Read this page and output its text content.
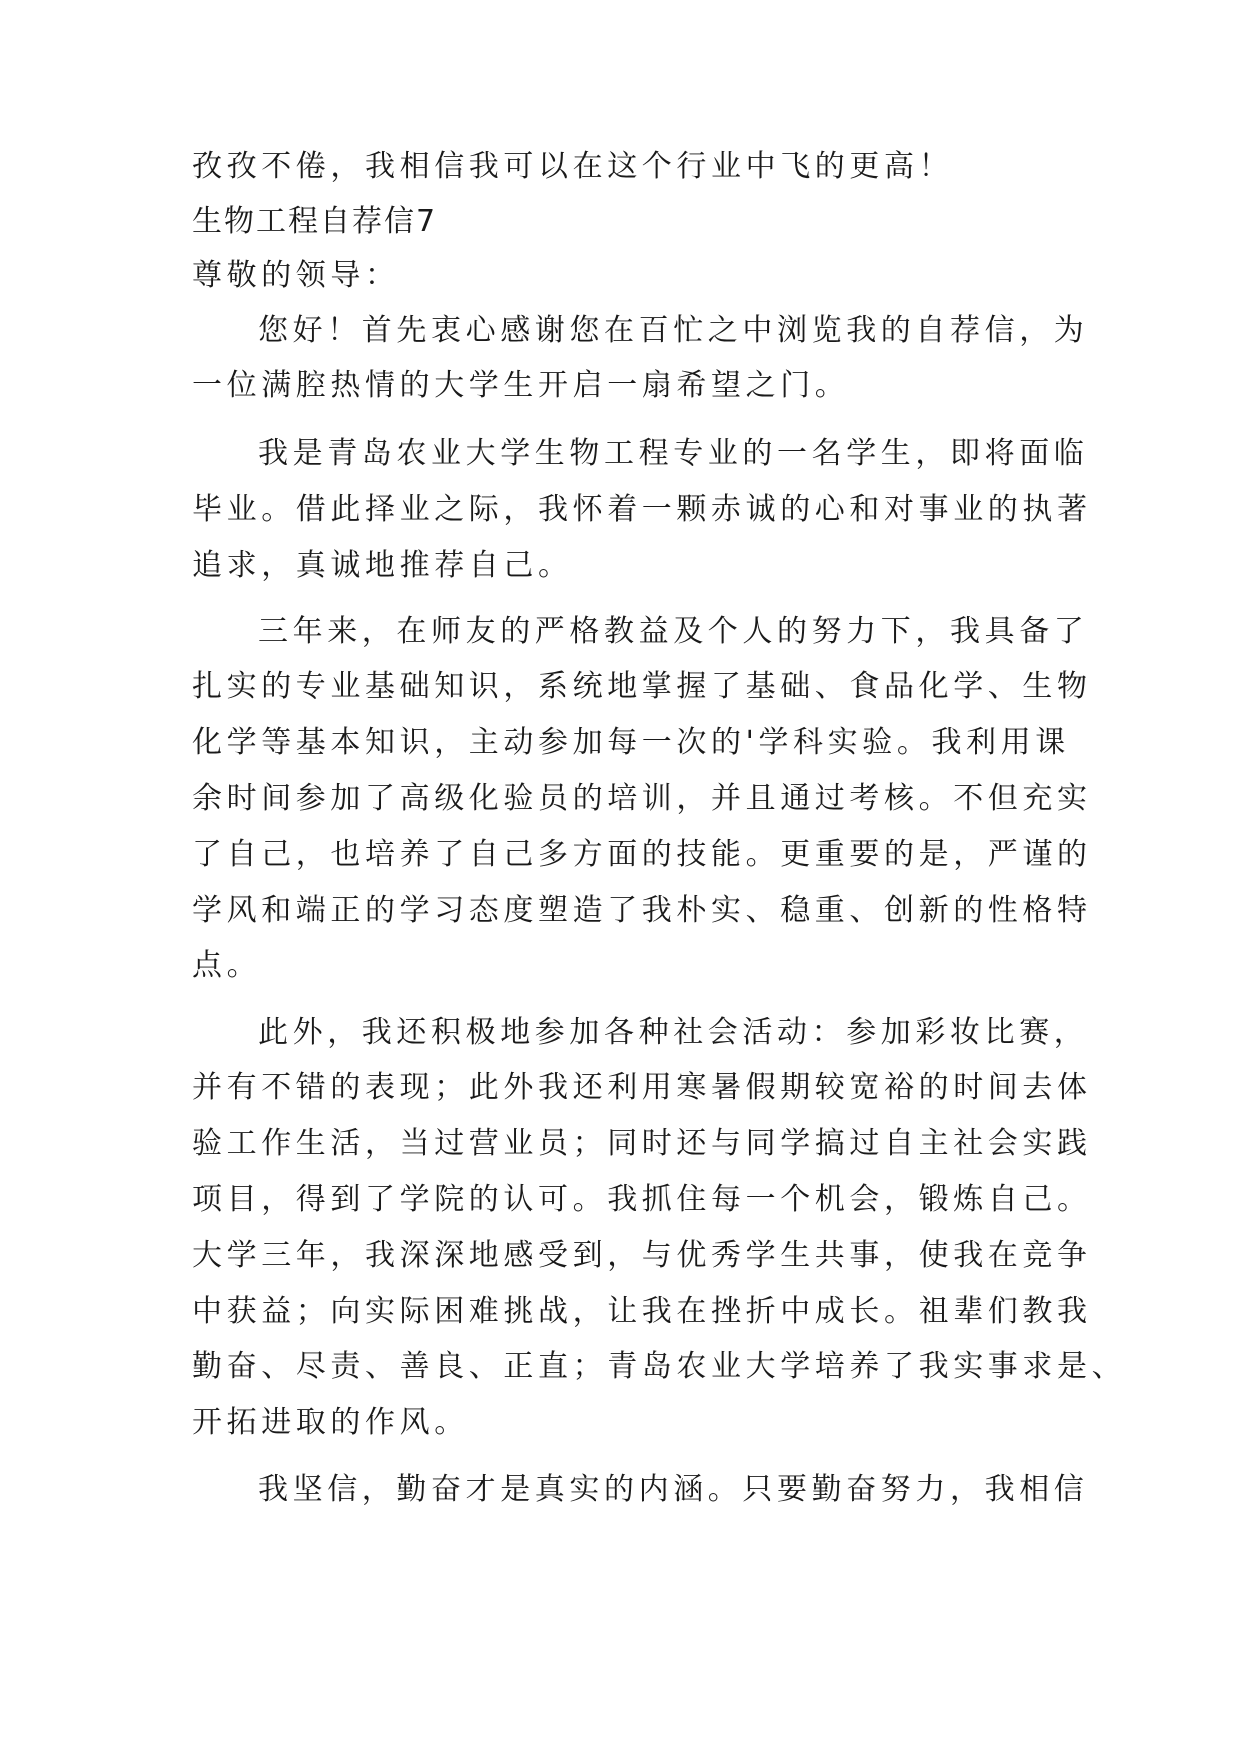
孜孜不倦，我相信我可以在这个行业中飞的更高！
生物工程自荐信7
尊敬的领导：
您好！首先衷心感谢您在百忙之中浏览我的自荐信，为
一位满腔热情的大学生开启一扇希望之门。
我是青岛农业大学生物工程专业的一名学生，即将面临
毕业。借此择业之际，我怀着一颗赤诚的心和对事业的执著
追求，真诚地推荐自己。
三年来，在师友的严格教益及个人的努力下，我具备了
扎实的专业基础知识，系统地掌握了基础、食品化学、生物
化学等基本知识，主动参加每一次的'学科实验。我利用课
余时间参加了高级化验员的培训，并且通过考核。不但充实
了自己，也培养了自己多方面的技能。更重要的是，严谨的
学风和端正的学习态度塑造了我朴实、稳重、创新的性格特
点。
此外，我还积极地参加各种社会活动：参加彩妆比赛，
并有不错的表现；此外我还利用寒暑假期较宽裕的时间去体
验工作生活，当过营业员；同时还与同学搞过自主社会实践
项目，得到了学院的认可。我抓住每一个机会，锻炼自己。
大学三年，我深深地感受到，与优秀学生共事，使我在竞争
中获益；向实际困难挑战，让我在挫折中成长。祖辈们教我
勤奋、尽责、善良、正直；青岛农业大学培养了我实事求是、
开拓进取的作风。
我坚信，勤奋才是真实的内涵。只要勤奋努力，我相信
